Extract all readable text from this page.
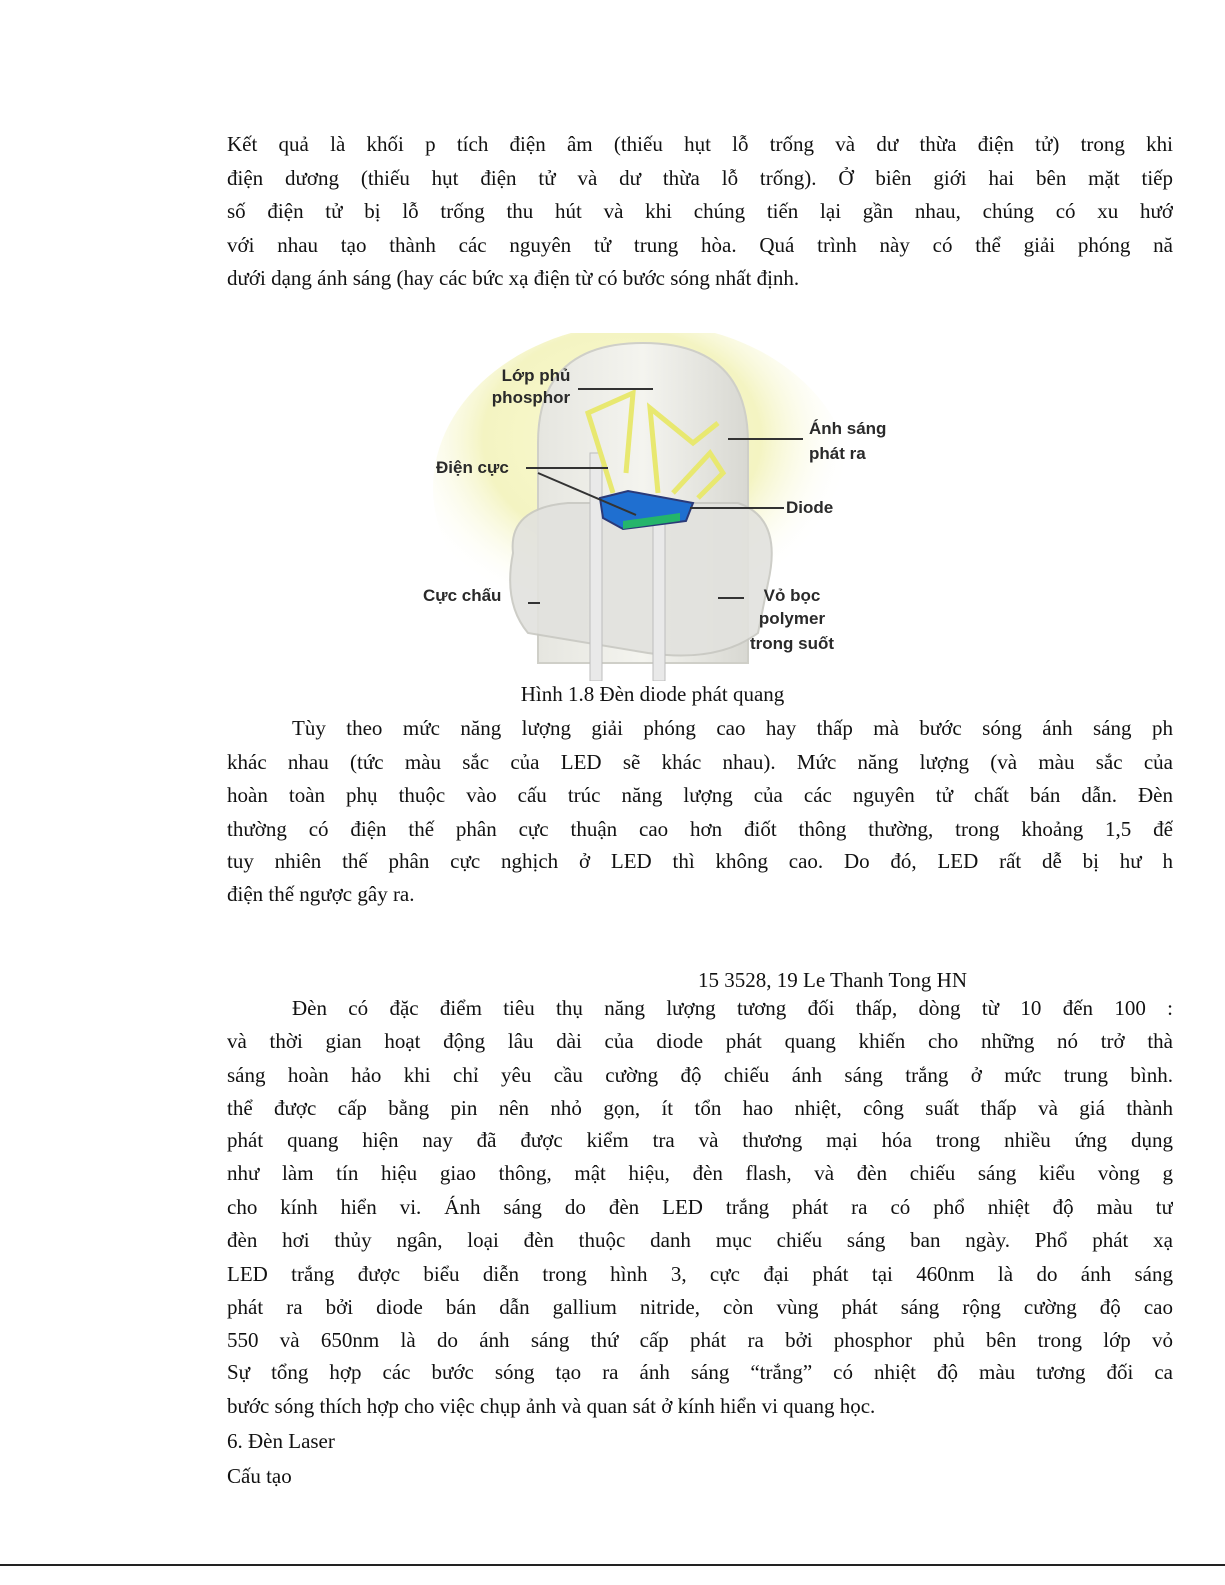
Kết quả là khối p tích điện âm (thiếu hụt lỗ trống và dư thừa điện tử) trong khi
điện dương (thiếu hụt điện tử và dư thừa lỗ trống). Ở biên giới hai bên mặt tiếp
số điện tử bị lỗ trống thu hút và khi chúng tiến lại gần nhau, chúng có xu hướ
với nhau tạo thành các nguyên tử trung hòa. Quá trình này có thể giải phóng nă
dưới dạng ánh sáng (hay các bức xạ điện từ có bước sóng nhất định.
Lớp phủ
phosphor
Ánh sáng
phát ra
Điện cực
Diode
Cực chấu	Vỏ bọc
polymer
trong suốt
Hình 1.8 Đèn diode phát quang
Tùy theo mức năng lượng giải phóng cao hay thấp mà bước sóng ánh sáng ph
khác nhau (tức màu sắc của LED sẽ khác nhau). Mức năng lượng (và màu sắc của
hoàn toàn phụ thuộc vào cấu trúc năng lượng của các nguyên tử chất bán dẫn. Đèn
thường có điện thế phân cực thuận cao hơn điốt thông thường, trong khoảng 1,5 đế
tuy nhiên thế phân cực nghịch ở LED thì không cao. Do đó, LED rất dễ bị hư h
điện thế ngược gây ra.
15 3528, 19 Le Thanh Tong HN
Đèn có đặc điểm tiêu thụ năng lượng tương đối thấp, dòng từ 10 đến 100 :
và thời gian hoạt động lâu dài của diode phát quang khiến cho những nó trở thà
sáng hoàn hảo khi chỉ yêu cầu cường độ chiếu ánh sáng trắng ở mức trung bình.
thể được cấp bằng pin nên nhỏ gọn, ít tổn hao nhiệt, công suất thấp và giá thành
phát quang hiện nay đã được kiểm tra và thương mại hóa trong nhiều ứng dụng
như làm tín hiệu giao thông, mật hiệu, đèn flash, và đèn chiếu sáng kiểu vòng g
cho kính hiển vi. Ánh sáng do đèn LED trắng phát ra có phổ nhiệt độ màu tư
đèn hơi thủy ngân, loại đèn thuộc danh mục chiếu sáng ban ngày. Phổ phát xạ
LED trắng được biểu diễn trong hình 3, cực đại phát tại 460nm là do ánh sáng
phát ra bởi diode bán dẫn gallium nitride, còn vùng phát sáng rộng cường độ cao
550 và 650nm là do ánh sáng thứ cấp phát ra bởi phosphor phủ bên trong lớp vỏ
Sự tổng hợp các bước sóng tạo ra ánh sáng “trắng” có nhiệt độ màu tương đối ca
bước sóng thích hợp cho việc chụp ảnh và quan sát ở kính hiển vi quang học.
6. Đèn Laser
Cấu tạo
